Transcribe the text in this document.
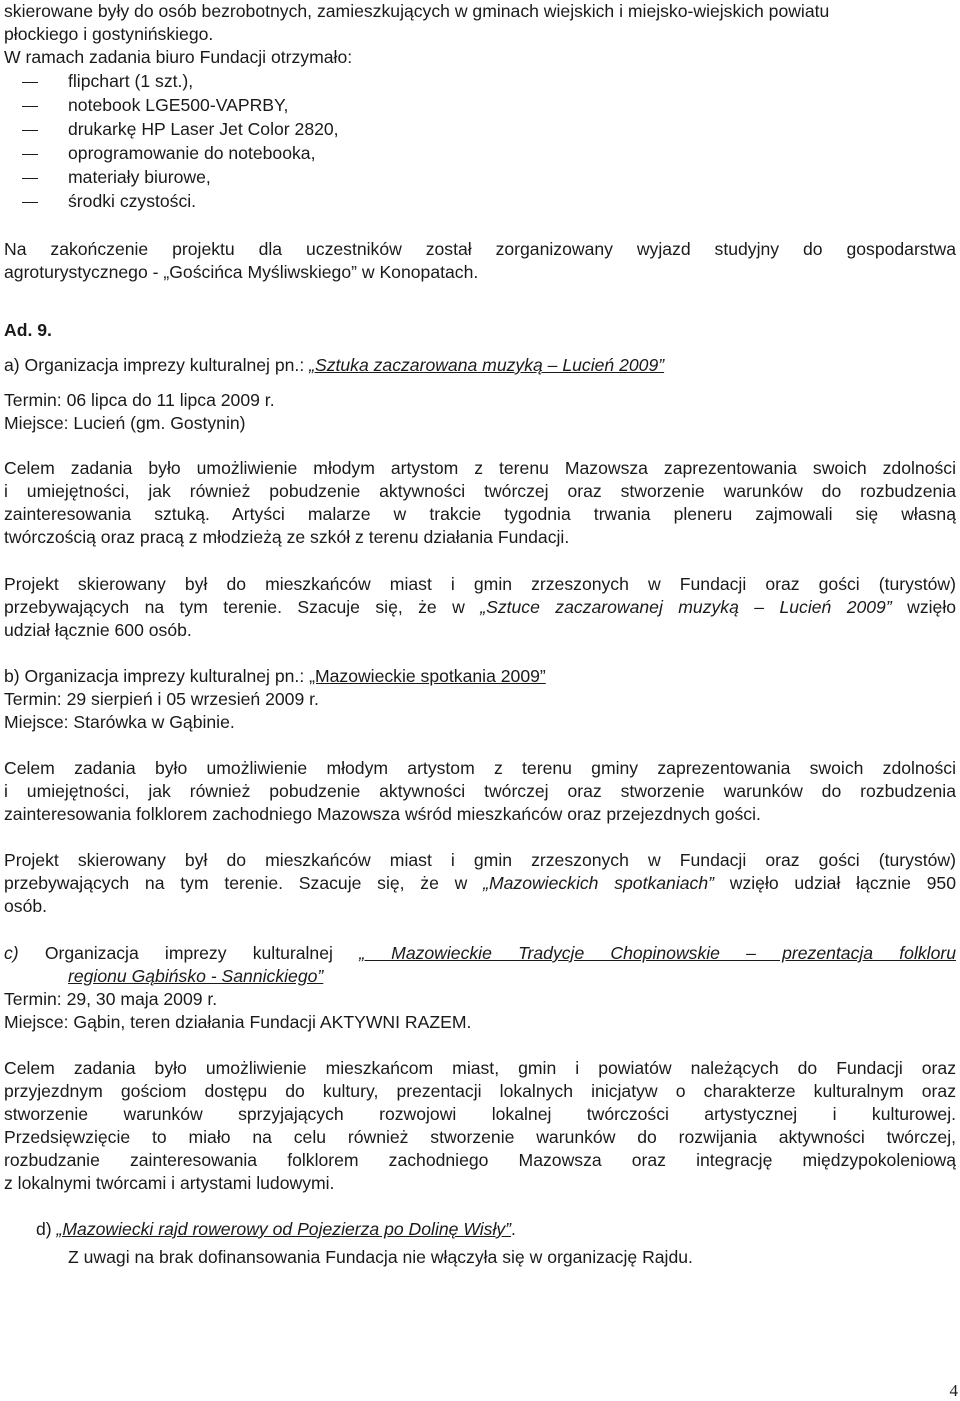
skierowane były do osób bezrobotnych, zamieszkujących w gminach wiejskich i miejsko-wiejskich powiatu
płockiego i gostynińskiego.
W ramach zadania biuro Fundacji otrzymało:
flipchart (1 szt.),
notebook LGE500-VAPRBY,
drukarkę HP Laser Jet Color 2820,
oprogramowanie do notebooka,
materiały biurowe,
środki czystości.
Na zakończenie projektu dla uczestników został zorganizowany wyjazd studyjny do gospodarstwa
agroturystycznego - „Gościńca Myśliwskiego” w Konopatach.
Ad. 9.
a) Organizacja imprezy kulturalnej pn.: „Sztuka zaczarowana muzyką – Lucień 2009”
Termin: 06 lipca do 11 lipca 2009 r.
Miejsce: Lucień (gm. Gostynin)
Celem zadania było umożliwienie młodym artystom z terenu Mazowsza zaprezentowania swoich zdolności
i umiejętności, jak również pobudzenie aktywności twórczej oraz stworzenie warunków do rozbudzenia
zainteresowania sztuką. Artyści malarze w trakcie tygodnia trwania pleneru zajmowali się własną
twórczością oraz pracą z młodzieżą ze szkół z terenu działania Fundacji.
Projekt skierowany był do mieszkańców miast i gmin zrzeszonych w Fundacji oraz gości (turystów)
przebywających na tym terenie. Szacuje się, że w „Sztuce zaczarowanej muzyką – Lucień 2009” wzięło
udział łącznie 600 osób.
b) Organizacja imprezy kulturalnej pn.: „Mazowieckie spotkania 2009”
Termin: 29 sierpień i 05 wrzesień 2009 r.
Miejsce: Starówka w Gąbinie.
Celem zadania było umożliwienie młodym artystom z terenu gminy zaprezentowania swoich zdolności
i umiejętności, jak również pobudzenie aktywności twórczej oraz stworzenie warunków do rozbudzenia
zainteresowania folklorem zachodniego Mazowsza wśród mieszkańców oraz przejezdnych gości.
Projekt skierowany był do mieszkańców miast i gmin zrzeszonych w Fundacji oraz gości (turystów)
przebywających na tym terenie. Szacuje się, że w „Mazowieckich spotkaniach” wzięło udział łącznie 950
osób.
c) Organizacja imprezy kulturalnej „ Mazowieckie Tradycje Chopinowskie – prezentacja folkloru
regionu Gąbińsko - Sannickiego”
Termin: 29, 30 maja 2009 r.
Miejsce: Gąbin, teren działania Fundacji AKTYWNI RAZEM.
Celem zadania było umożliwienie mieszkańcom miast, gmin i powiatów należących do Fundacji oraz
przyjezdnym gościom dostępu do kultury, prezentacji lokalnych inicjatyw o charakterze kulturalnym oraz
stworzenie warunków sprzyjających rozwojowi lokalnej twórczości artystycznej i kulturowej.
Przedsięwzięcie to miało na celu również stworzenie warunków do rozwijania aktywności twórczej,
rozbudzanie zainteresowania folklorem zachodniego Mazowsza oraz integrację międzypokoleniową
z lokalnymi twórcami i artystami ludowymi.
d) „Mazowiecki rajd rowerowy od Pojezierza po Dolinę Wisły”.
Z uwagi na brak dofinansowania Fundacja nie włączyła się w organizację Rajdu.
4
